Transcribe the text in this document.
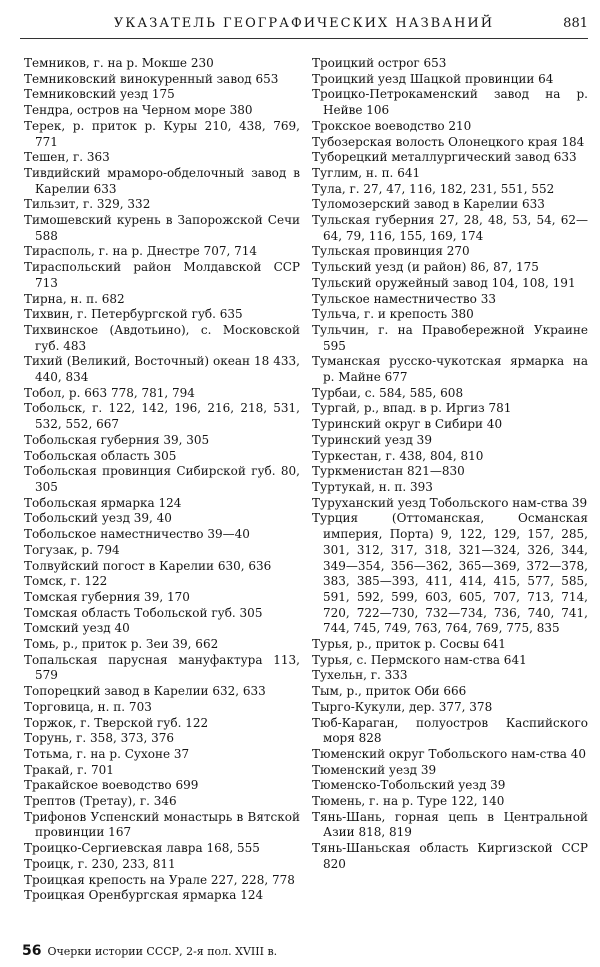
УКАЗАТЕЛЬ ГЕОГРАФИЧЕСКИХ НАЗВАНИЙ	881

Темников, г. на р. Мокше 230

Темниковский винокуренный завод 653

Темниковский уезд 175

Тендра, остров на Черном море 380

Терек, р. приток р. Куры 210, 438, 769, 771

Тешен, г. 363

Тивдийский мраморо-обделочный завод в Карелии 633

Тильзит, г. 329, 332

Тимошевский курень в Запорожской Сечи 588

Тирасполь, г. на р. Днестре 707, 714

Тираспольский район Молдавской ССР 713

Тирна, н. п. 682

Тихвин, г. Петербургской губ. 635

Тихвинское (Авдотьино), с. Московской губ. 483

Тихий (Великий, Восточный) океан 18 433, 440, 834

Тобол, р. 663 778, 781, 794

Тобольск, г. 122, 142, 196, 216, 218, 531, 532, 552, 667

Тобольская губерния 39, 305

Тобольская область 305

Тобольская провинция Сибирской губ. 80, 305

Тобольская ярмарка 124

Тобольский уезд 39, 40

Тобольское наместничество 39—40

Тогузак, р. 794

Толвуйский погост в Карелии 630, 636

Томск, г. 122

Томская губерния 39, 170

Томская область Тобольской губ. 305

Томский уезд 40

Томь, р., приток р. Зеи 39, 662

Топальская парусная мануфактура 113, 579

Топорецкий завод в Карелии 632, 633

Торговица, н. п. 703

Торжок, г. Тверской губ. 122

Торунь, г. 358, 373, 376

Тотьма, г. на р. Сухоне 37

Тракай, г. 701

Тракайское воеводство 699

Трептов (Третау), г. 346

Трифонов Успенский монастырь в Вятской провинции 167

Троицко-Сергиевская лавра 168, 555

Троицк, г. 230, 233, 811

Троицкая крепость на Урале 227, 228, 778

Троицкая Оренбургская ярмарка 124

Троицкий острог 653

Троицкий уезд Шацкой провинции 64

Троицко-Петрокаменский завод на р. Нейве 106

Трокское воеводство 210

Тубозерская волость Олонецкого края 184

Туборецкий металлургический завод 633

Туглим, н. п. 641

Тула, г. 27, 47, 116, 182, 231, 551, 552

Туломозерский завод в Карелии 633

Тульская губерния 27, 28, 48, 53, 54, 62—64, 79, 116, 155, 169, 174

Тульская провинция 270

Тульский уезд (и район) 86, 87, 175

Тульский оружейный завод 104, 108, 191

Тульское наместничество 33

Тульча, г. и крепость 380

Тульчин, г. на Правобережной Украине 595

Туманская русско-чукотская ярмарка на р. Майне 677

Турбаи, с. 584, 585, 608

Тургай, р., впад. в р. Иргиз 781

Туринский округ в Сибири 40

Туринский уезд 39

Туркестан, г. 438, 804, 810

Туркменистан 821—830

Туртукай, н. п. 393

Туруханский уезд Тобольского нам-ства 39

Турция (Оттоманская, Османская империя, Порта) 9, 122, 129, 157, 285, 301, 312, 317, 318, 321—324, 326, 344, 349—354, 356—362, 365—369, 372—378, 383, 385—393, 411, 414, 415, 577, 585, 591, 592, 599, 603, 605, 707, 713, 714, 720, 722—730, 732—734, 736, 740, 741, 744, 745, 749, 763, 764, 769, 775, 835

Турья, р., приток р. Сосвы 641

Турья, с. Пермского нам-ства 641

Тухельн, г. 333

Тым, р., приток Оби 666

Тырго-Кукули, дер. 377, 378

Тюб-Караган, полуостров Каспийского моря 828

Тюменский округ Тобольского нам-ства 40

Тюменский уезд 39

Тюменско-Тобольский уезд 39

Тюмень, г. на р. Туре 122, 140

Тянь-Шань, горная цепь в Центральной Азии 818, 819

Тянь-Шаньская область Киргизской ССР 820

56 Очерки истории СССР, 2-я пол. XVIII в.
